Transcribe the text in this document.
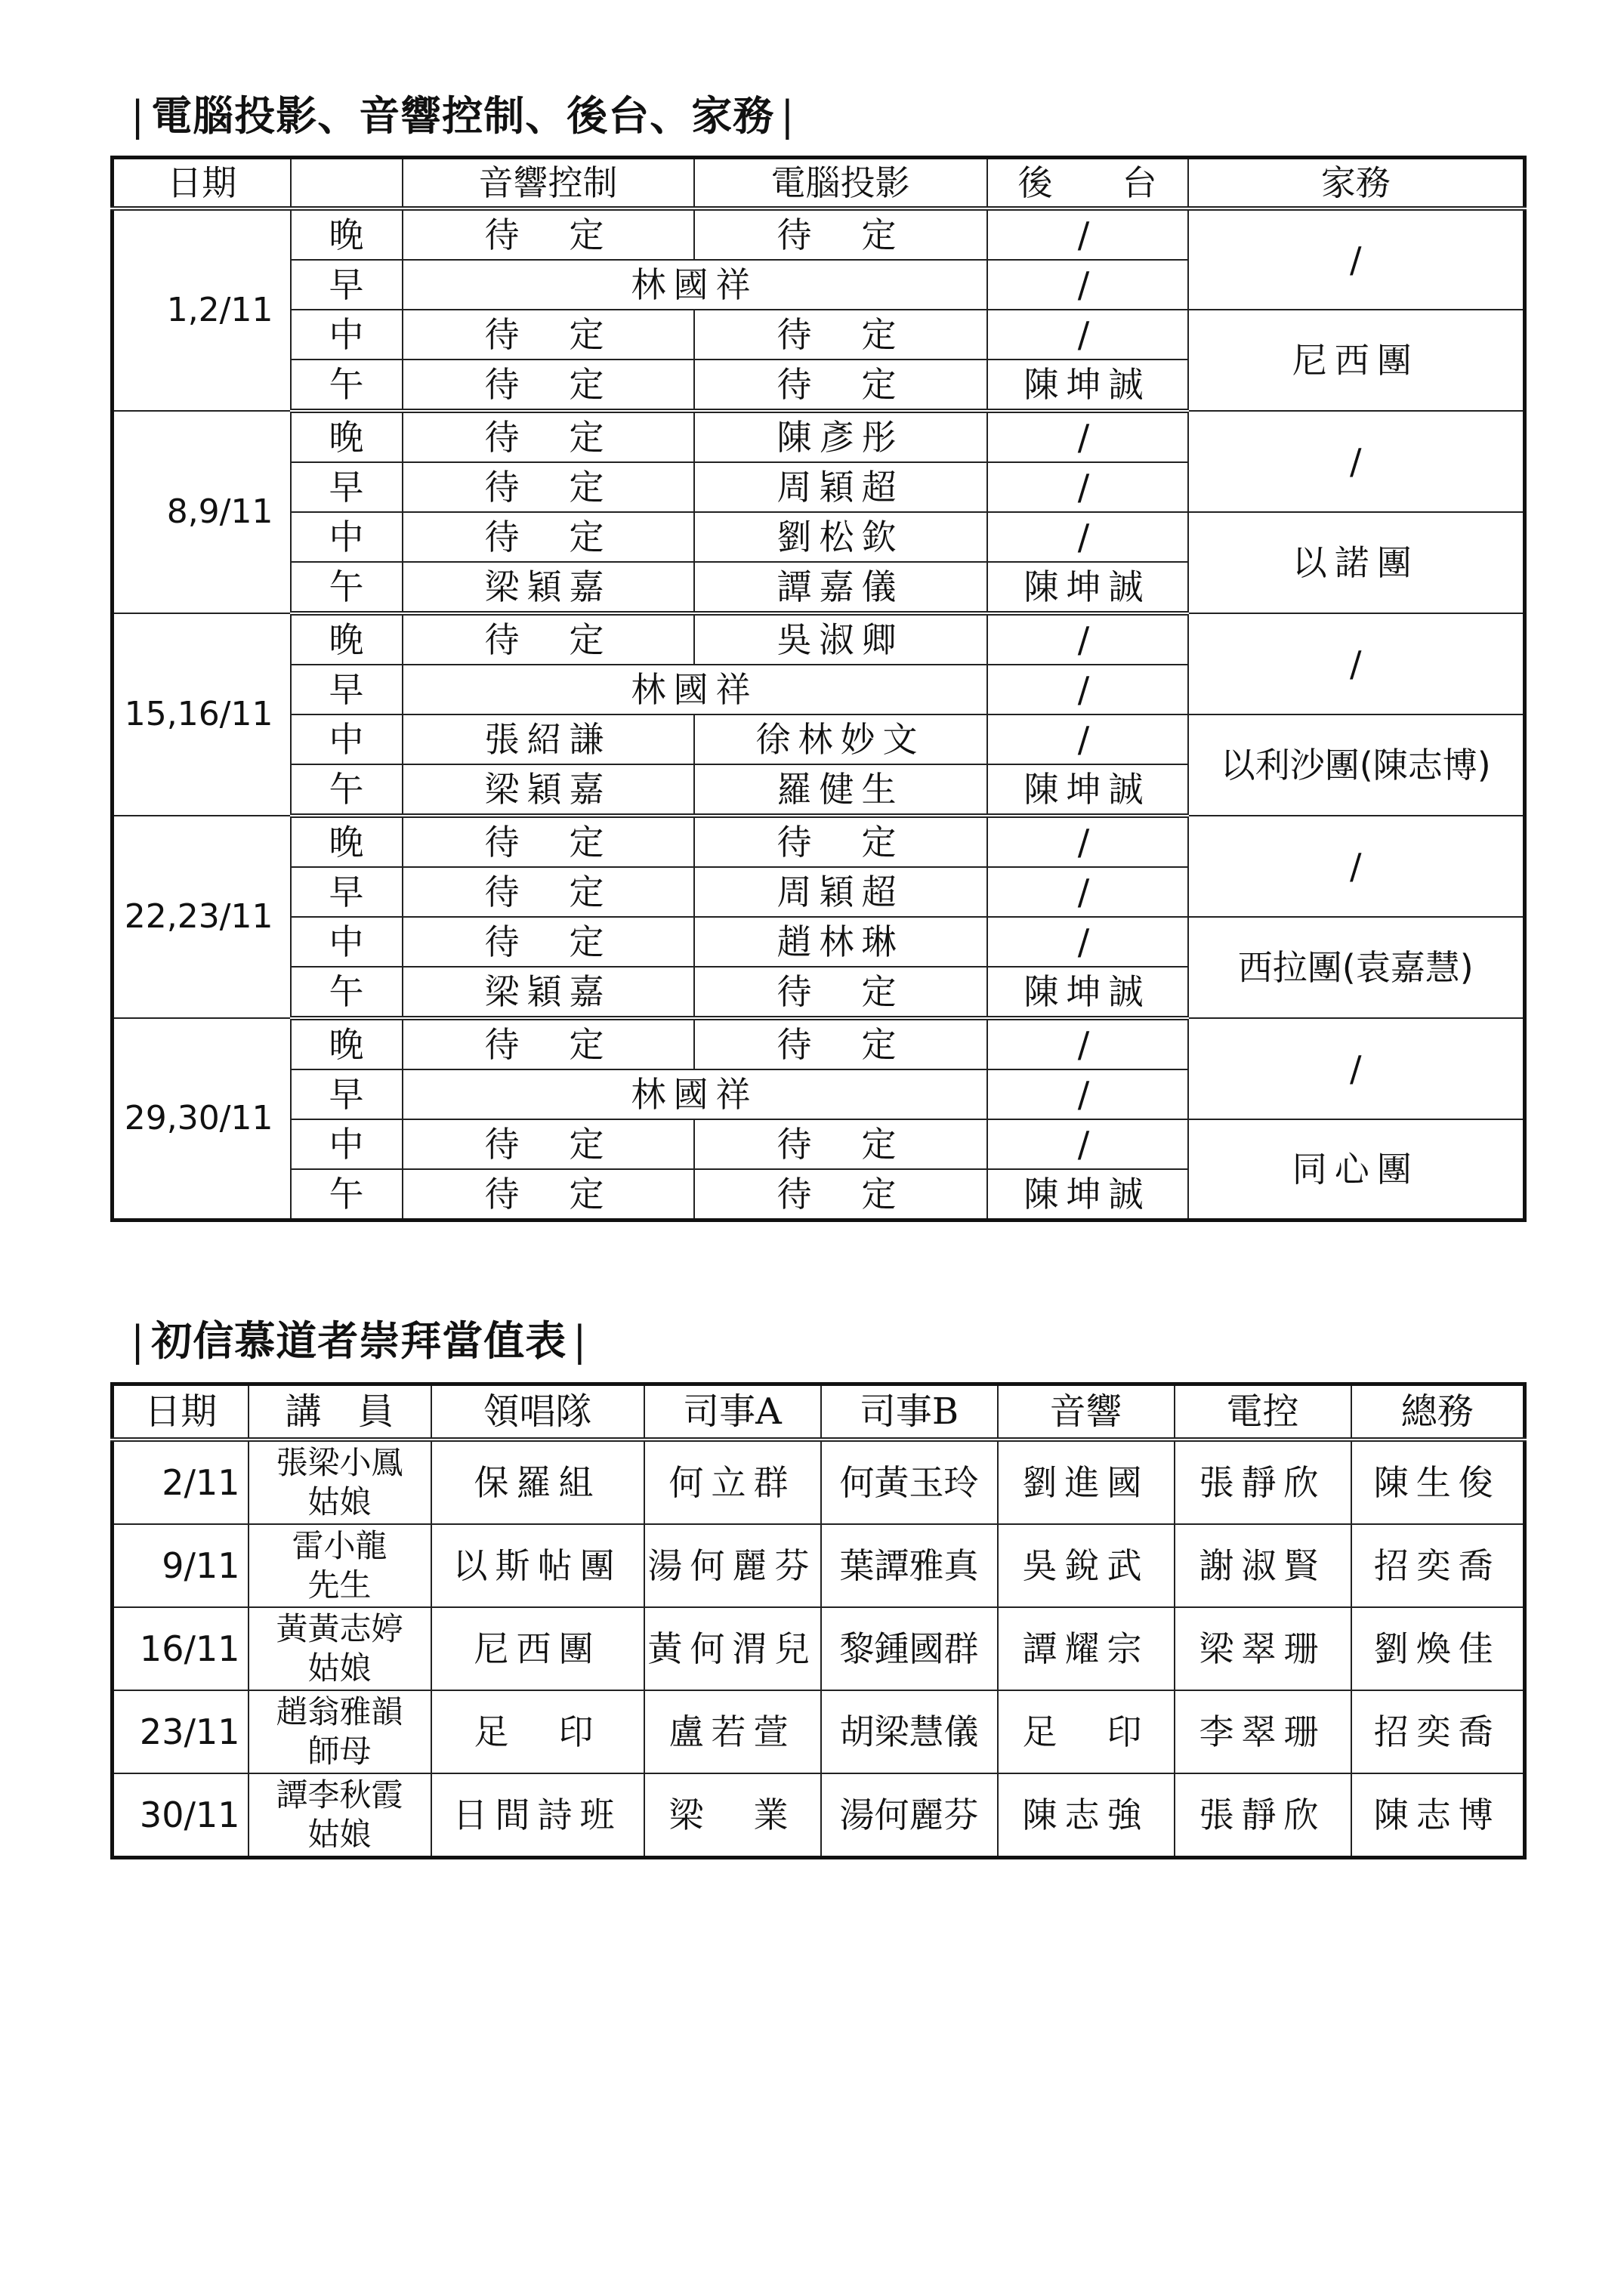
| 電腦投影、音響控制、後台、家務 |
日期		音響控制	電腦投影	後　　台	家務
1,2/11	晚	待　定	待　定	/	/
	早	林國祥		/	
	中	待　定	待　定	/	尼西團
	午	待　定	待　定	陳坤誠	
8,9/11	晚	待　定	陳彥彤	/	/
	早	待　定	周穎超	/	
	中	待　定	劉松欽	/	以諾團
	午	梁穎嘉	譚嘉儀	陳坤誠	
15,16/11	晚	待　定	吳淑卿	/	/
	早	林國祥		/	
	中	張紹謙	徐林妙文	/	以利沙團(陳志博)
	午	梁穎嘉	羅健生	陳坤誠	
22,23/11	晚	待　定	待　定	/	/
	早	待　定	周穎超	/	
	中	待　定	趙林琳	/	西拉團(袁嘉慧)
	午	梁穎嘉	待　定	陳坤誠	
29,30/11	晚	待　定	待　定	/	/
	早	林國祥		/	
	中	待　定	待　定	/	同心團
	午	待　定	待　定	陳坤誠	
| 初信慕道者崇拜當值表 |
日期	講　員	領唱隊	司事A	司事B	音響	電控	總務
2/11	張梁小鳳
姑娘	保羅組	何立群	何黃玉玲	劉進國	張靜欣	陳生俊
9/11	雷小龍
先生	以斯帖團	湯何麗芬	葉譚雅真	吳銳武	謝淑賢	招奕喬
16/11	黃黃志婷
姑娘	尼西團	黃何渭兒	黎鍾國群	譚耀宗	梁翠珊	劉煥佳
23/11	趙翁雅韻
師母	足　印	盧若萱	胡梁慧儀	足　印	李翠珊	招奕喬
30/11	譚李秋霞
姑娘	日間詩班	梁　業	湯何麗芬	陳志強	張靜欣	陳志博
